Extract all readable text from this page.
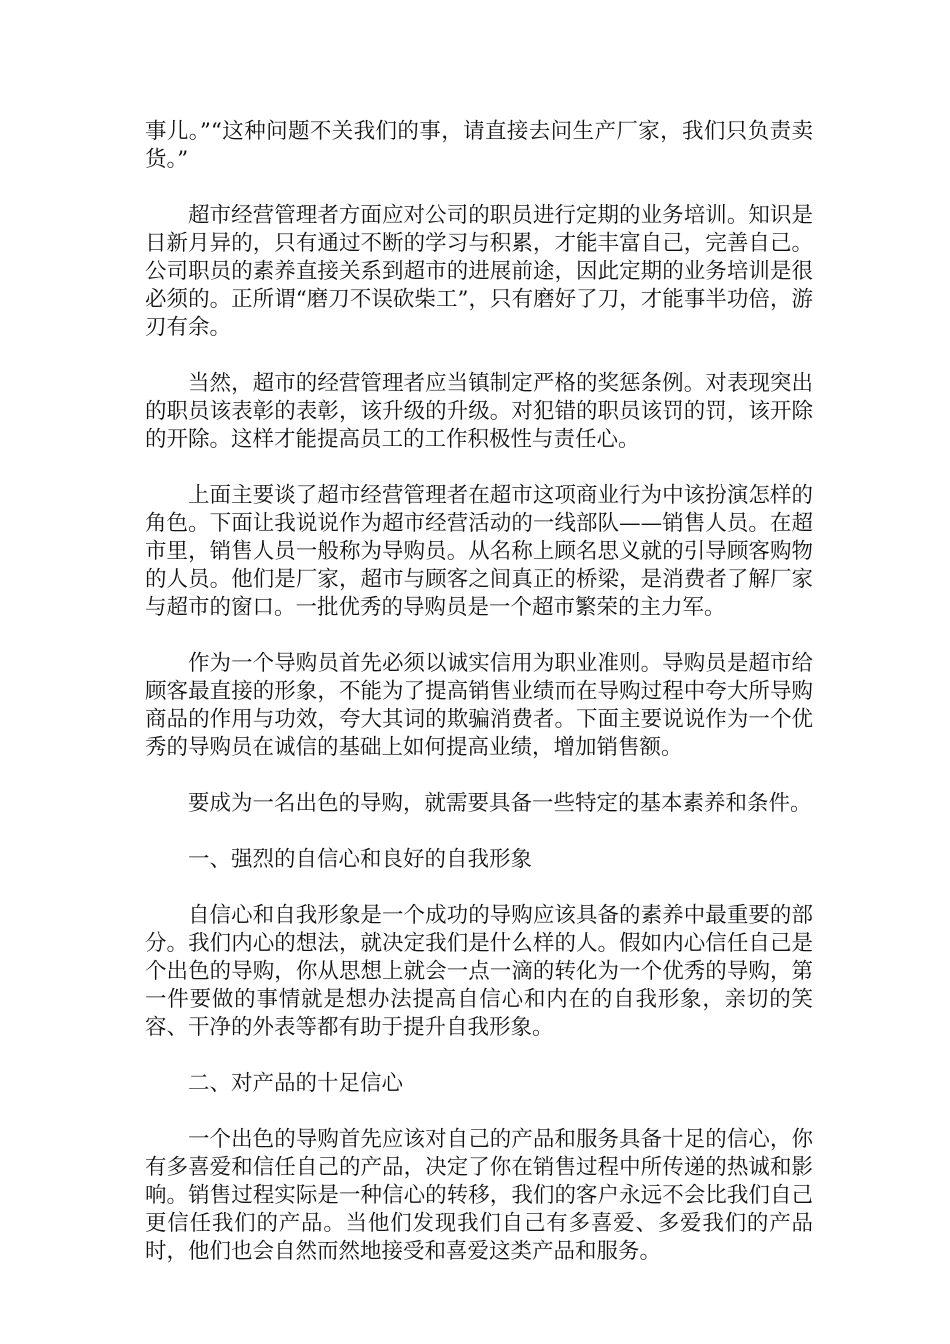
事儿。”“这种问题不关我们的事，请直接去问生产厂家，我们只负责卖货。”

超市经营管理者方面应对公司的职员进行定期的业务培训。知识是日新月异的，只有通过不断的学习与积累，才能丰富自己，完善自己。公司职员的素养直接关系到超市的进展前途，因此定期的业务培训是很必须的。正所谓“磨刀不误砍柴工”，只有磨好了刀，才能事半功倍，游刃有余。

当然，超市的经营管理者应当镇制定严格的奖惩条例。对表现突出的职员该表彰的表彰，该升级的升级。对犯错的职员该罚的罚，该开除的开除。这样才能提高员工的工作积极性与责任心。

上面主要谈了超市经营管理者在超市这项商业行为中该扮演怎样的角色。下面让我说说作为超市经营活动的一线部队——销售人员。在超市里，销售人员一般称为导购员。从名称上顾名思义就的引导顾客购物的人员。他们是厂家，超市与顾客之间真正的桥梁，是消费者了解厂家与超市的窗口。一批优秀的导购员是一个超市繁荣的主力军。

作为一个导购员首先必须以诚实信用为职业准则。导购员是超市给顾客最直接的形象，不能为了提高销售业绩而在导购过程中夸大所导购商品的作用与功效，夸大其词的欺骗消费者。下面主要说说作为一个优秀的导购员在诚信的基础上如何提高业绩，增加销售额。

要成为一名出色的导购，就需要具备一些特定的基本素养和条件。

一、强烈的自信心和良好的自我形象

自信心和自我形象是一个成功的导购应该具备的素养中最重要的部分。我们内心的想法，就决定我们是什么样的人。假如内心信任自己是个出色的导购，你从思想上就会一点一滴的转化为一个优秀的导购，第一件要做的事情就是想办法提高自信心和内在的自我形象，亲切的笑容、干净的外表等都有助于提升自我形象。

二、对产品的十足信心

一个出色的导购首先应该对自己的产品和服务具备十足的信心，你有多喜爱和信任自己的产品，决定了你在销售过程中所传递的热诚和影响。销售过程实际是一种信心的转移，我们的客户永远不会比我们自己更信任我们的产品。当他们发现我们自己有多喜爱、多爱我们的产品时，他们也会自然而然地接受和喜爱这类产品和服务。
